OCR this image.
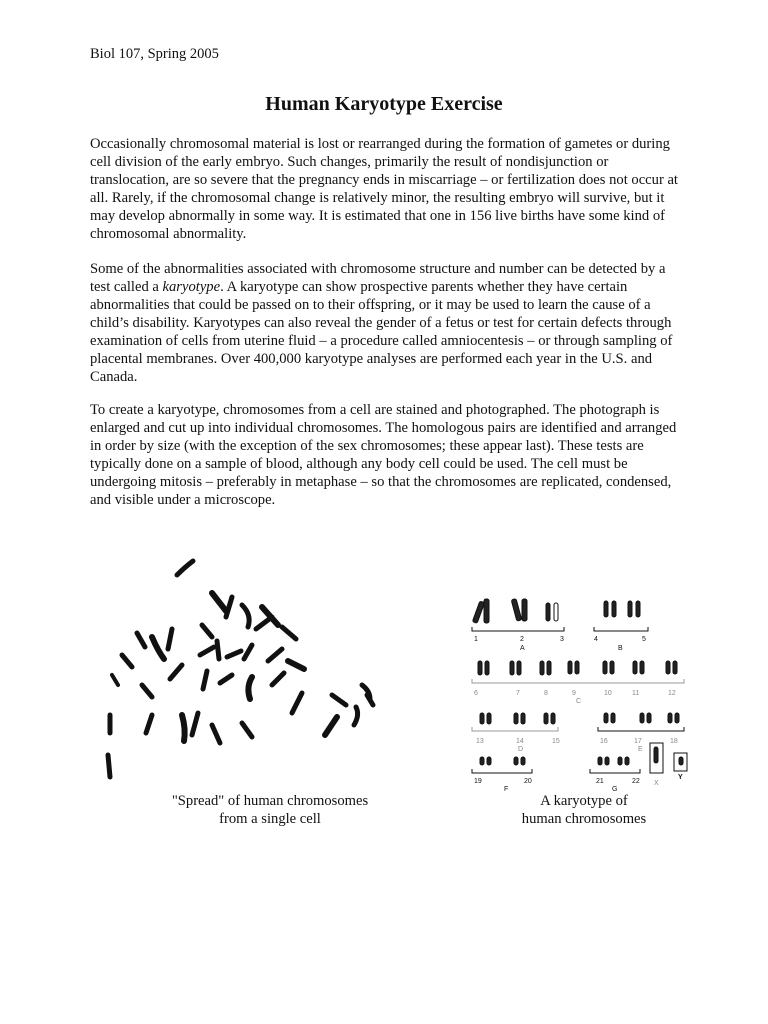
Biol 107, Spring 2005
Human Karyotype Exercise

Occasionally chromosomal material is lost or rearranged during the formation of gametes or during cell division of the early embryo. Such changes, primarily the result of nondisjunction or translocation, are so severe that the pregnancy ends in miscarriage – or fertilization does not occur at all. Rarely, if the chromosomal change is relatively minor, the resulting embryo will survive, but it may develop abnormally in some way. It is estimated that one in 156 live births have some kind of chromosomal abnormality.

Some of the abnormalities associated with chromosome structure and number can be detected by a test called a karyotype. A karyotype can show prospective parents whether they have certain abnormalities that could be passed on to their offspring, or it may be used to learn the cause of a child’s disability. Karyotypes can also reveal the gender of a fetus or test for certain defects through examination of cells from uterine fluid – a procedure called amniocentesis – or through sampling of placental membranes. Over 400,000 karyotype analyses are performed each year in the U.S. and Canada.

To create a karyotype, chromosomes from a cell are stained and photographed. The photograph is enlarged and cut up into individual chromosomes. The homologous pairs are identified and arranged in order by size (with the exception of the sex chromosomes; these appear last). These tests are typically done on a sample of blood, although any body cell could be used. The cell must be undergoing mitosis – preferably in metaphase – so that the chromosomes are replicated, condensed, and visible under a microscope.

1	2	3	4	5
A	B
6	7	8	9	10	11	12
C
13	14	15	16	17	18
D	E
19	20	21	22
F	G
X
Y
"Spread" of human chromosomes
from a single cell
A karyotype of
human chromosomes
